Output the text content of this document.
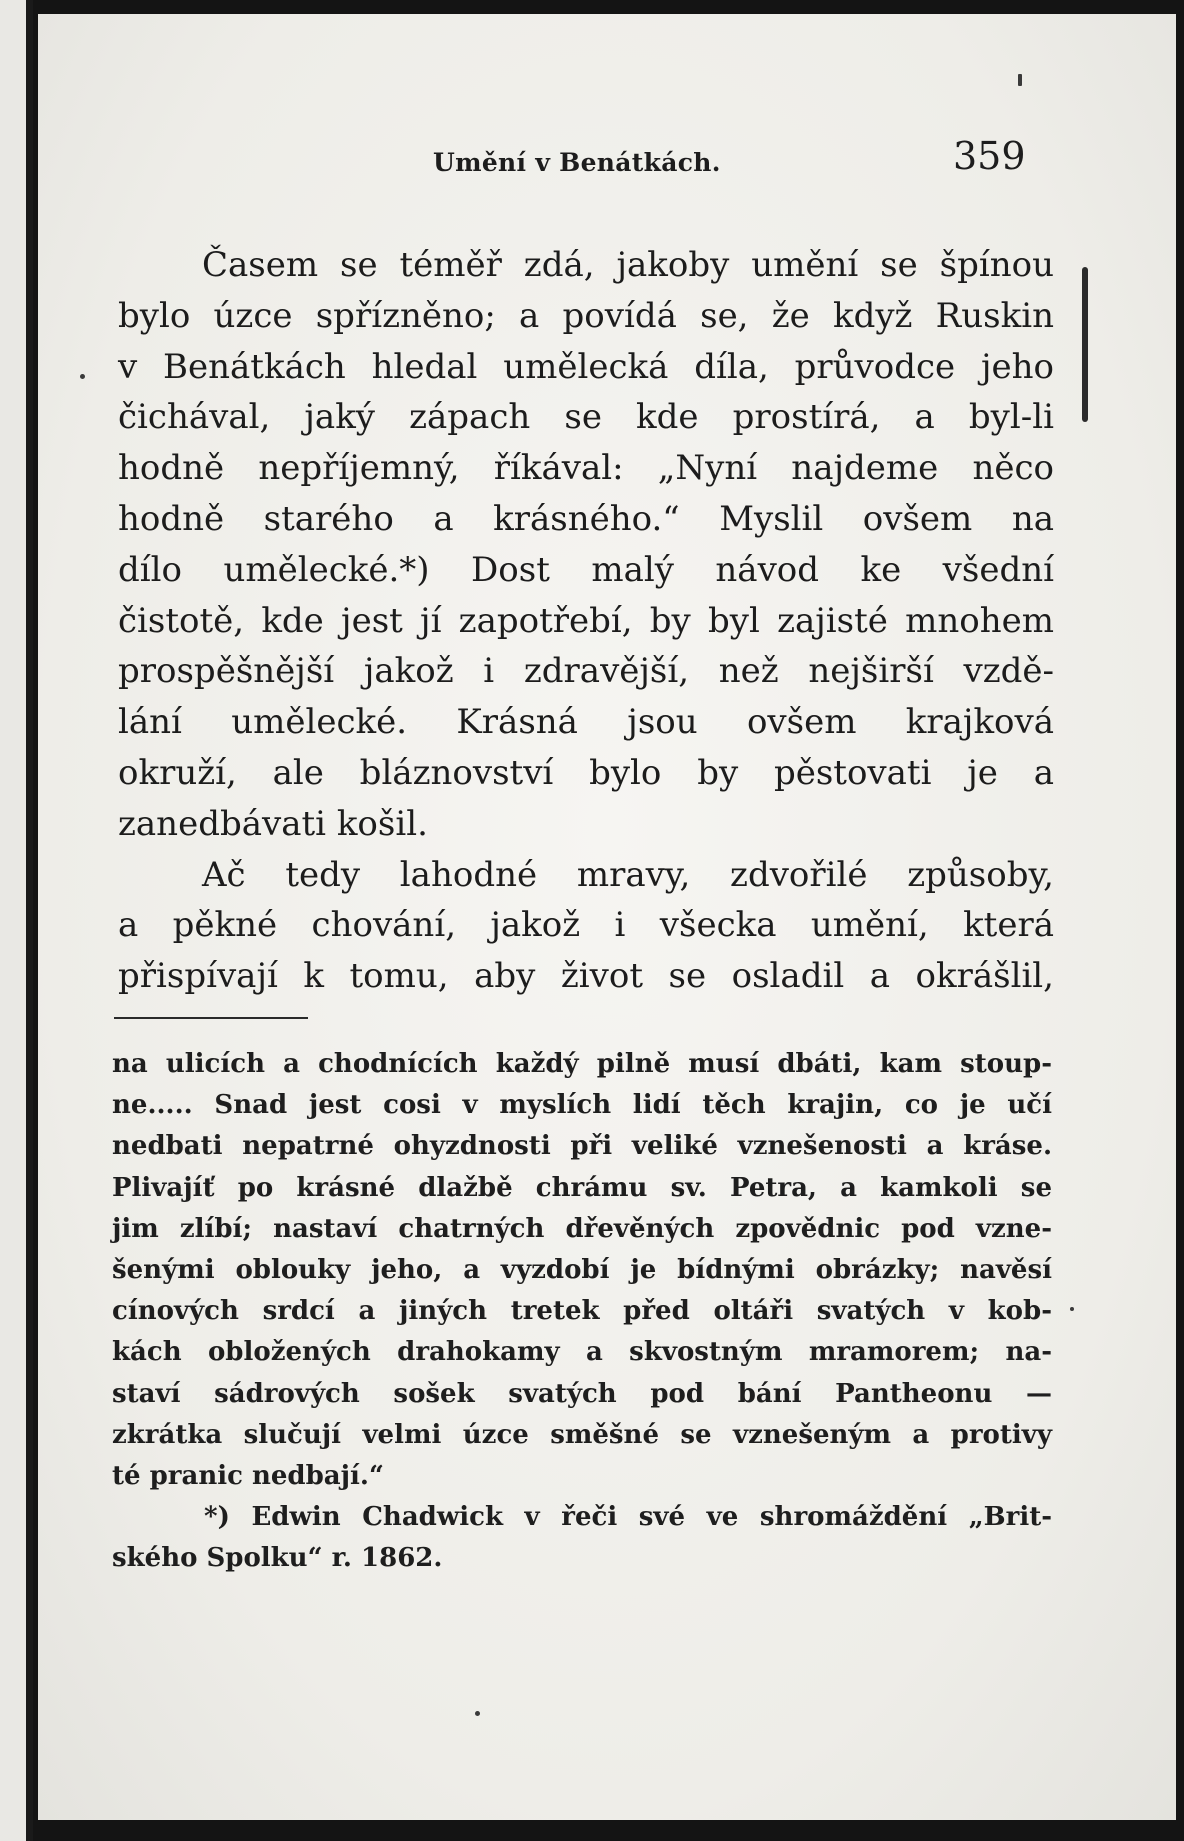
Umění v Benátkách.	359
Časem se téměř zdá, jakoby umění se špínou
bylo úzce spřízněno; a povídá se, že když Ruskin
v Benátkách hledal umělecká díla, průvodce jeho
čichával, jaký zápach se kde prostírá, a byl-li
hodně nepříjemný, říkával: „Nyní najdeme něco
hodně starého a krásného.“ Myslil ovšem na
dílo umělecké.*) Dost malý návod ke všední
čistotě, kde jest jí zapotřebí, by byl zajisté mnohem
prospěšnější jakož i zdravější, než nejširší vzdě-
lání umělecké. Krásná jsou ovšem krajková
okruží, ale bláznovství bylo by pěstovati je a
zanedbávati košil.
Ač tedy lahodné mravy, zdvořilé způsoby,
a pěkné chování, jakož i všecka umění, která
přispívají k tomu, aby život se osladil a okrášlil,
na ulicích a chodnících každý pilně musí dbáti, kam stoup-
ne..... Snad jest cosi v myslích lidí těch krajin, co je učí
nedbati nepatrné ohyzdnosti při veliké vznešenosti a kráse.
Plivajíť po krásné dlažbě chrámu sv. Petra, a kamkoli se
jim zlíbí; nastaví chatrných dřevěných zpovědnic pod vzne-
šenými oblouky jeho, a vyzdobí je bídnými obrázky; navěsí
cínových srdcí a jiných tretek před oltáři svatých v kob-
kách obložených drahokamy a skvostným mramorem; na-
staví sádrových sošek svatých pod bání Pantheonu —
zkrátka slučují velmi úzce směšné se vznešeným a protivy
té pranic nedbají.“
*) Edwin Chadwick v řeči své ve shromáždění „Brit-
ského Spolku“ r. 1862.
